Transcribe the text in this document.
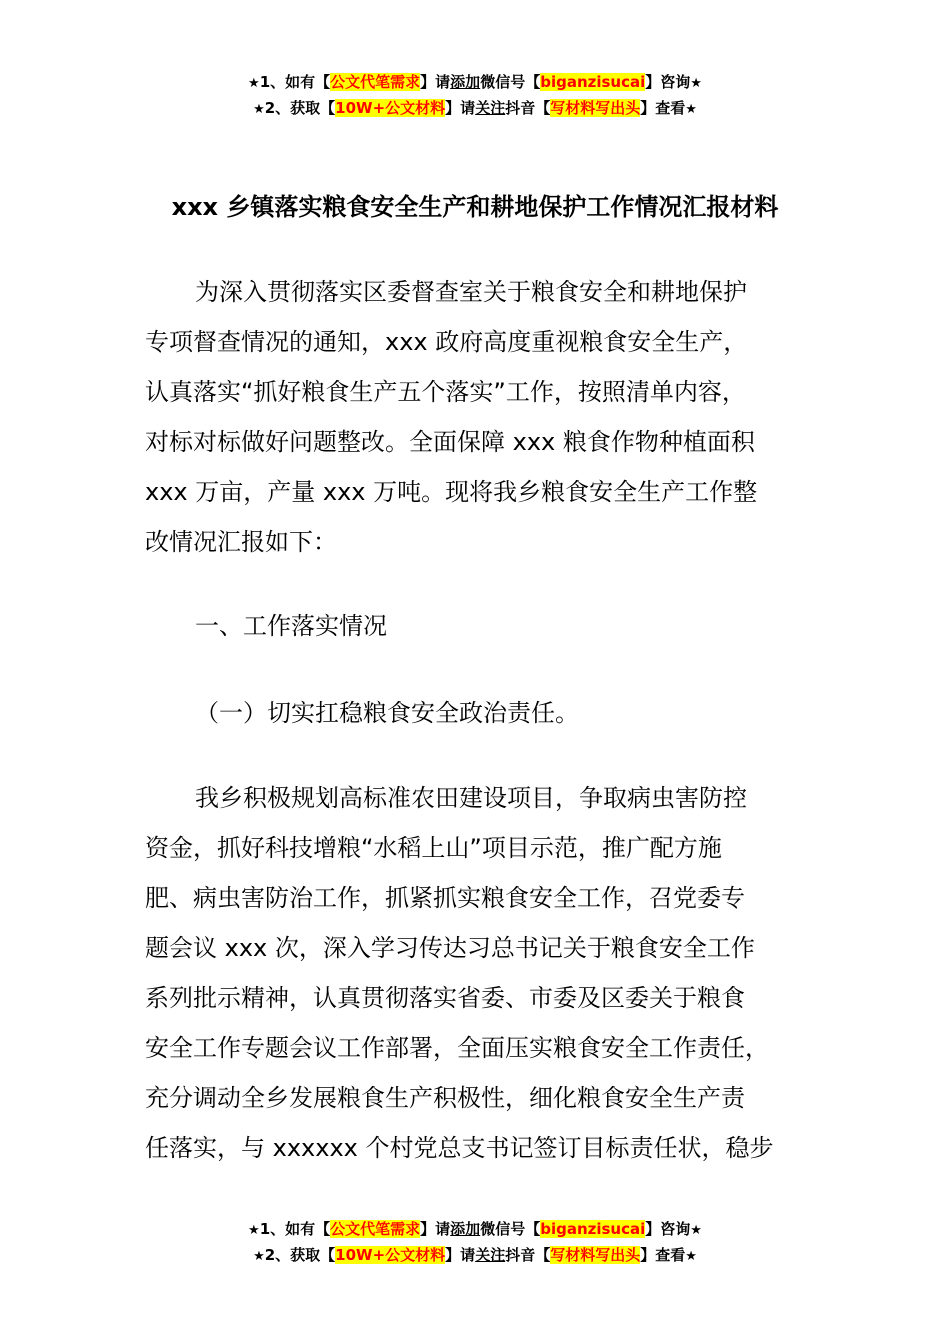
★1、如有【公文代笔需求】请添加微信号【biganzisucai】咨询★
★2、获取【10W+公文材料】请关注抖音【写材料写出头】查看★
xxx 乡镇落实粮食安全生产和耕地保护工作情况汇报材料
为深入贯彻落实区委督查室关于粮食安全和耕地保护
专项督查情况的通知，xxx 政府高度重视粮食安全生产，
认真落实“抓好粮食生产五个落实”工作，按照清单内容，
对标对标做好问题整改。全面保障 xxx 粮食作物种植面积
xxx 万亩，产量 xxx 万吨。现将我乡粮食安全生产工作整
改情况汇报如下：
一、工作落实情况
（一）切实扛稳粮食安全政治责任。
我乡积极规划高标准农田建设项目，争取病虫害防控
资金，抓好科技增粮“水稻上山”项目示范，推广配方施
肥、病虫害防治工作，抓紧抓实粮食安全工作，召党委专
题会议 xxx 次，深入学习传达习总书记关于粮食安全工作
系列批示精神，认真贯彻落实省委、市委及区委关于粮食
安全工作专题会议工作部署，全面压实粮食安全工作责任，
充分调动全乡发展粮食生产积极性，细化粮食安全生产责
任落实，与 xxxxxx 个村党总支书记签订目标责任状，稳步
★1、如有【公文代笔需求】请添加微信号【biganzisucai】咨询★
★2、获取【10W+公文材料】请关注抖音【写材料写出头】查看★
